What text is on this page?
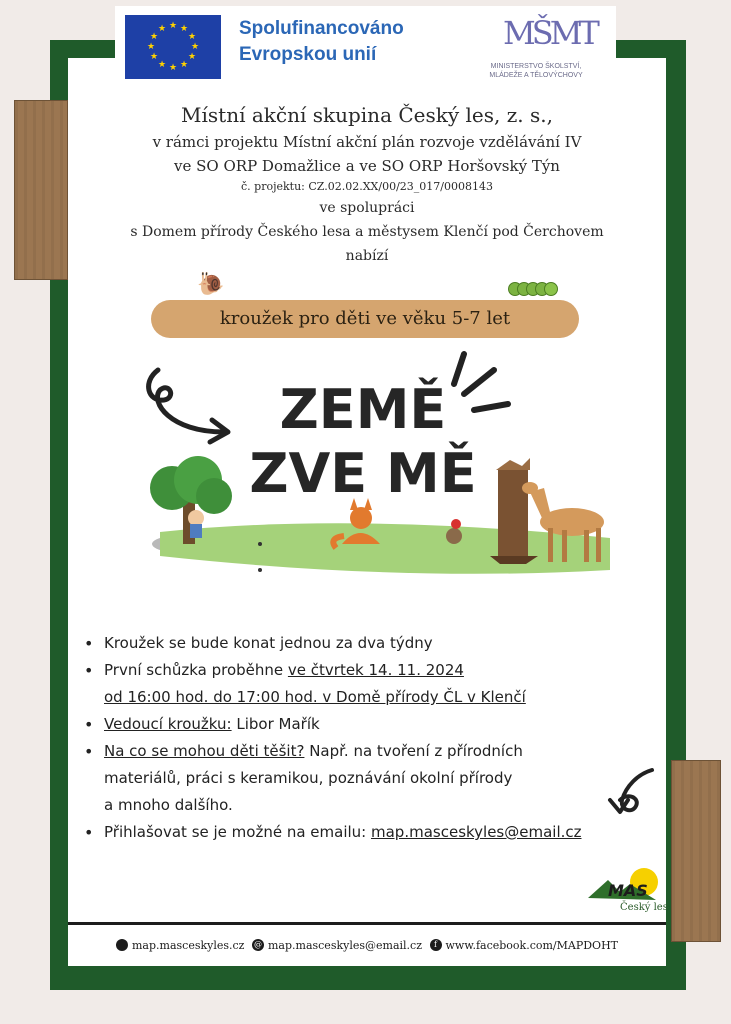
★ ★
★
★
★
★
★
★
★
★
★
★	Spolufinancováno
Evropskou unií
MŠMT
MINISTERSTVO ŠKOLSTVÍ,
MLÁDEŽE A TĚLOVÝCHOVY
Místní akční skupina Český les, z. s.,
v rámci projektu Místní akční plán rozvoje vzdělávání IV
ve SO ORP Domažlice a ve SO ORP Horšovský Týn
č. projektu: CZ.02.02.XX/00/23_017/0008143
ve spolupráci
s Domem přírody Českého lesa a městysem Klenčí pod Čerchovem
nabízí
🐌
kroužek pro děti ve věku 5-7 let
ZEMĚ
ZVE MĚ
• Kroužek se bude konat jednou za dva týdny
• První schůzka proběhne ve čtvrtek 14. 11. 2024
od 16:00 hod. do 17:00 hod. v Domě přírody ČL v Klenčí
• Vedoucí kroužku: Libor Mařík
• Na co se mohou děti těšit? Např. na tvoření z přírodních
materiálů, práci s keramikou, poznávání okolní přírody
a mnoho dalšího.
• Přihlašovat se je možné na emailu: map.masceskyles@email.cz
MAS
Český les
map.masceskyles.cz @ map.masceskyles@email.cz	f www.facebook.com/MAPDOHT
